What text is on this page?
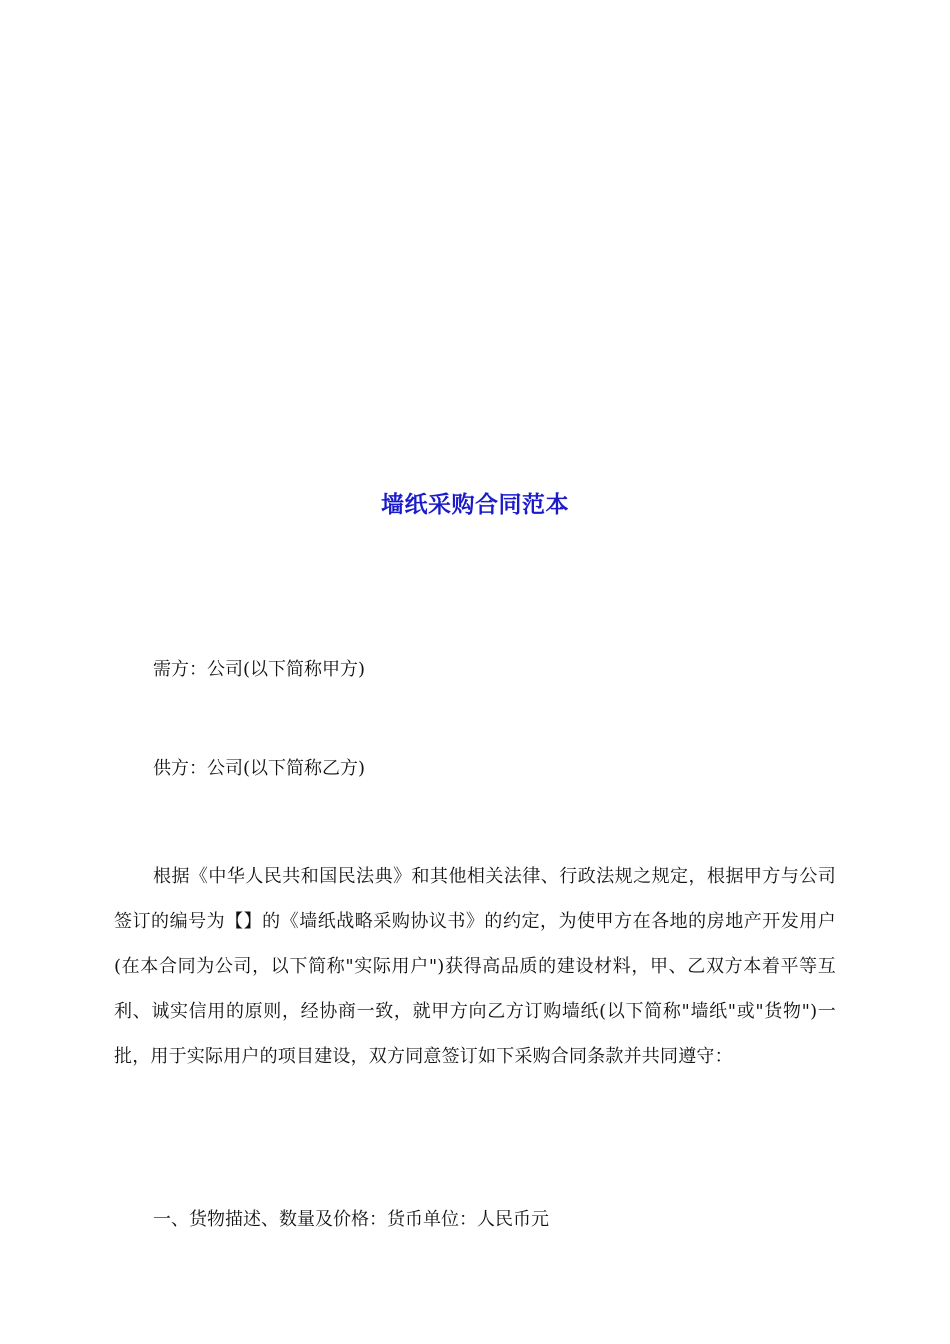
墙纸采购合同范本
需方：公司(以下简称甲方)
供方：公司(以下简称乙方)
根据《中华人民共和国民法典》和其他相关法律、行政法规之规定，根据甲方与公司签订的编号为【】的《墙纸战略采购协议书》的约定，为使甲方在各地的房地产开发用户(在本合同为公司，以下简称"实际用户")获得高品质的建设材料，甲、乙双方本着平等互利、诚实信用的原则，经协商一致，就甲方向乙方订购墙纸(以下简称"墙纸"或"货物")一批，用于实际用户的项目建设，双方同意签订如下采购合同条款并共同遵守：
一、货物描述、数量及价格：货币单位：人民币元
